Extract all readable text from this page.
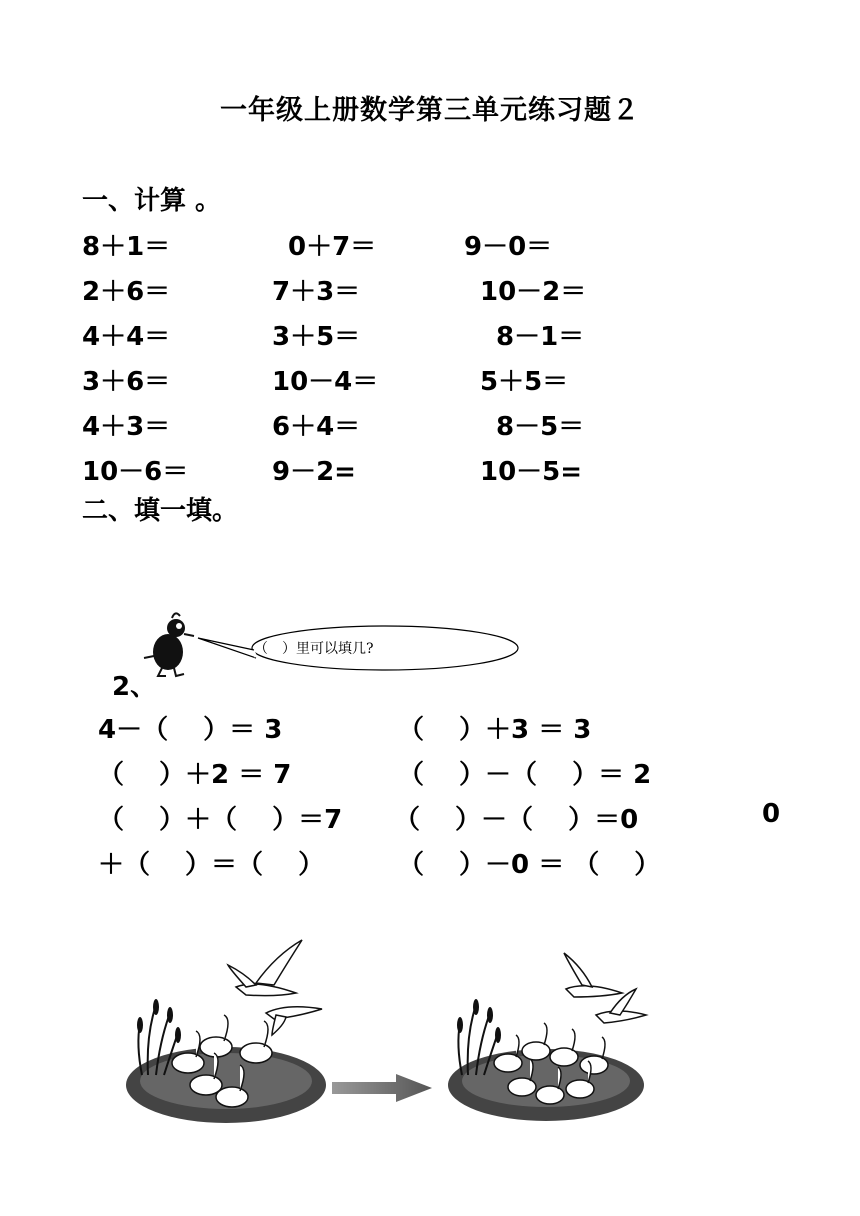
一年级上册数学第三单元练习题２
一、计算 。
8＋1＝	0＋7＝	9－0＝
2＋6＝	7＋3＝	10－2＝
4＋4＝	3＋5＝	8－1＝
3＋6＝	10－4＝	5＋5＝
4＋3＝	6＋4＝	8－5＝
10－6＝	9－2=	10－5=
二、填一填。
（　）里可以填几?
2、
4－（　 ）＝ 3	（　 ）＋3 ＝ 3
（　 ）＋2 ＝ 7	（　 ）－（　 ）＝ 2
（　 ）＋（　 ）＝7 （　 ）－（　 ）＝0	0
＋（　 ）＝（　 ）	（　 ）－0 ＝ （　 ）
